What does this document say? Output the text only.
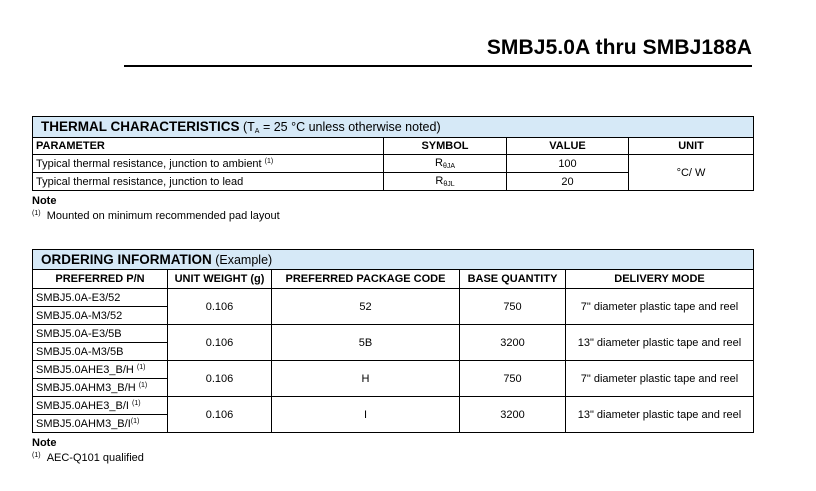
SMBJ5.0A thru SMBJ188A
THERMAL CHARACTERISTICS ($T_A = 25$ °C unless otherwise noted)			
PARAMETER	SYMBOL	VALUE	UNIT
Typical thermal resistance, junction to ambient $^{(1)}$	$R_{\theta JA}$	100	°C/ W
Typical thermal resistance, junction to lead	$R_{\theta JL}$	20	
Note
$^{(1)}$ Mounted on minimum recommended pad layout
ORDERING INFORMATION (Example)				
PREFERRED P/N	UNIT WEIGHT (g)	PREFERRED PACKAGE CODE	BASE QUANTITY	DELIVERY MODE
SMBJ5.0A-E3/52	0.106	52	750	7" diameter plastic tape and reel
SMBJ5.0A-M3/52				
SMBJ5.0A-E3/5B	0.106	5B	3200	13" diameter plastic tape and reel
SMBJ5.0A-M3/5B				
SMBJ5.0AHE3_B/H $^{(1)}$	0.106	H	750	7" diameter plastic tape and reel
SMBJ5.0AHM3_B/H $^{(1)}$
SMBJ5.0AHE3_B/I $^{(1)}$	0.106	I	3200	13" diameter plastic tape and reel
$SMBJ5.0AHM3\_B/I^{(1)}$
Note
$^{(1)}$ AEC-Q101 qualified
